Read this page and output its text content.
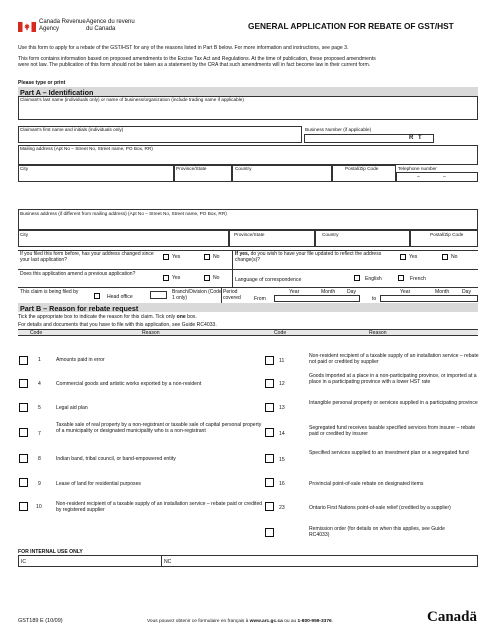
Canada Revenue
Agency
Agence du revenu
du Canada	GENERAL APPLICATION FOR REBATE OF GST/HST
Use this form to apply for a rebate of the GST/HST for any of the reasons listed in Part B below. For more information and instructions, see page 3.
This form contains information based on proposed amendments to the Excise Tax Act and Regulations. At the time of publication, these proposed amendments
were not law. The publication of this form should not be taken as a statement by the CRA that such amendments will in fact become law in their current form.
Please type or print
Part A – Identification
Claimant's last name (individuals only) or name of business/organization (include trading name if applicable)
Claimant's first name and initials (individuals only)	Business Number (if applicable)
R T
Mailing address (Apt No – Street No, Street name, PO Box, RR)
City	Province/State	Country	Postal/Zip Code	Telephone number
–	–
Business address (if different from mailing address) (Apt No – Street No, Street name, PO Box, RR)
City	Province/State	Country	Postal/Zip Code
If you filed this form before, has your address changed since your last application?
Yes	No	If yes, do you wish to have your file updated to reflect the address change(s)?
Yes	No
Does this application amend a previous application?
Yes	No	Language of correspondence	English	French
This claim is being filed by
Head office
Branch/Division (Code 1 only)
Period covered	From
Year	Month Day
to
Year	Month	Day
Part B – Reason for rebate request
Tick the appropriate box to indicate the reason for this claim. Tick only one box.
For details and documents that you have to file with this application, see Guide RC4033.
Code	Reason	Code	Reason
1	Amounts paid in error
4	Commercial goods and artistic works exported by a non-resident
5	Legal aid plan
7
Taxable sale of real property by a non-registrant or taxable sale of capital personal property of a municipality or designated municipality who is a non-registrant
8	Indian band, tribal council, or band-empowered entity
9	Lease of land for residential purposes
10	Non-resident recipient of a taxable supply of an installation service – rebate paid or credited by registered supplier
11
Non-resident recipient of a taxable supply of an installation service – rebate not paid or credited by supplier
12
Goods imported at a place in a non-participating province, or imported at a place in a participating province with a lower HST rate
13
Intangible personal property or services supplied in a participating province
14
Segregated fund receives taxable specified services from insurer – rebate paid or credited by insurer
15
Specified services supplied to an investment plan or a segregated fund
16	Provincial point-of-sale rebate on designated items
23	Ontario First Nations point-of-sale relief (credited by a supplier)
Remission order (for details on when this applies, see Guide RC4033)
FOR INTERNAL USE ONLY
IC	NC
GST189 E (10/09)	Vous pouvez obtenir ce formulaire en français à www.arc.gc.ca ou au 1-800-959-3376.	Canadä
